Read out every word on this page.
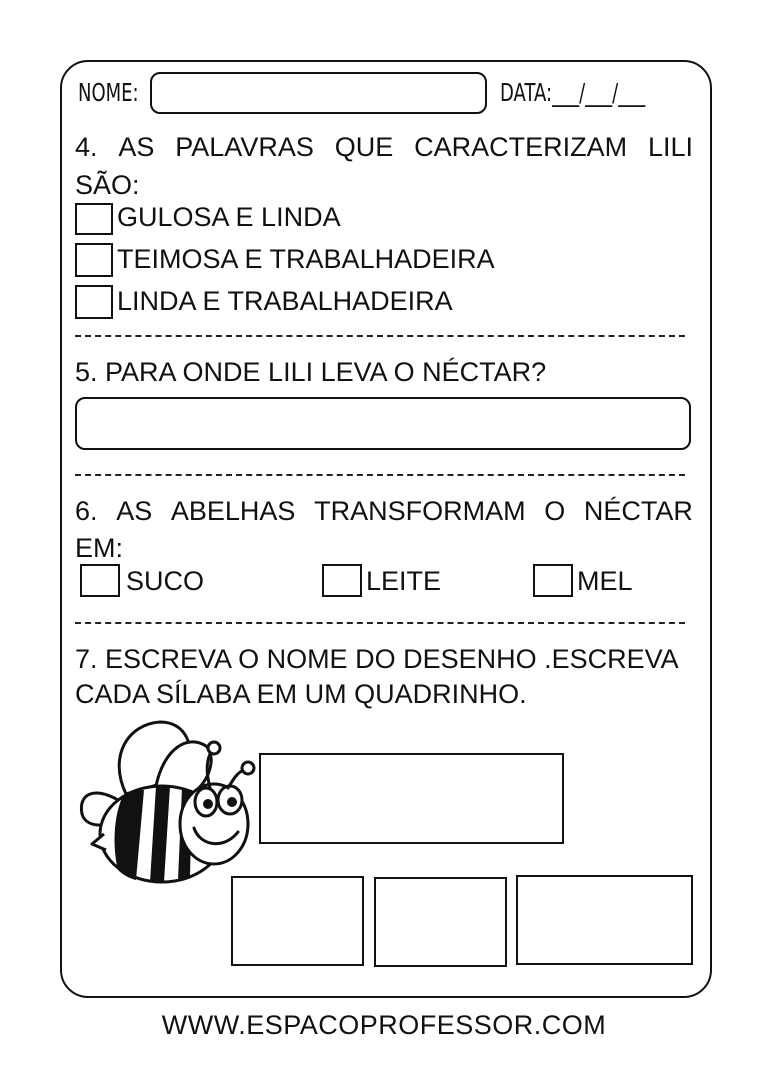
NOME:	DATA:___/___/___
4. AS PALAVRAS QUE CARACTERIZAM LILI
SÃO:
GULOSA E LINDA
TEIMOSA E TRABALHADEIRA
LINDA E TRABALHADEIRA
5. PARA ONDE LILI LEVA O NÉCTAR?
6. AS ABELHAS TRANSFORMAM O NÉCTAR
EM:
SUCO	LEITE	MEL
7. ESCREVA O NOME DO DESENHO .ESCREVA
CADA SÍLABA EM UM QUADRINHO.
WWW.ESPACOPROFESSOR.COM
